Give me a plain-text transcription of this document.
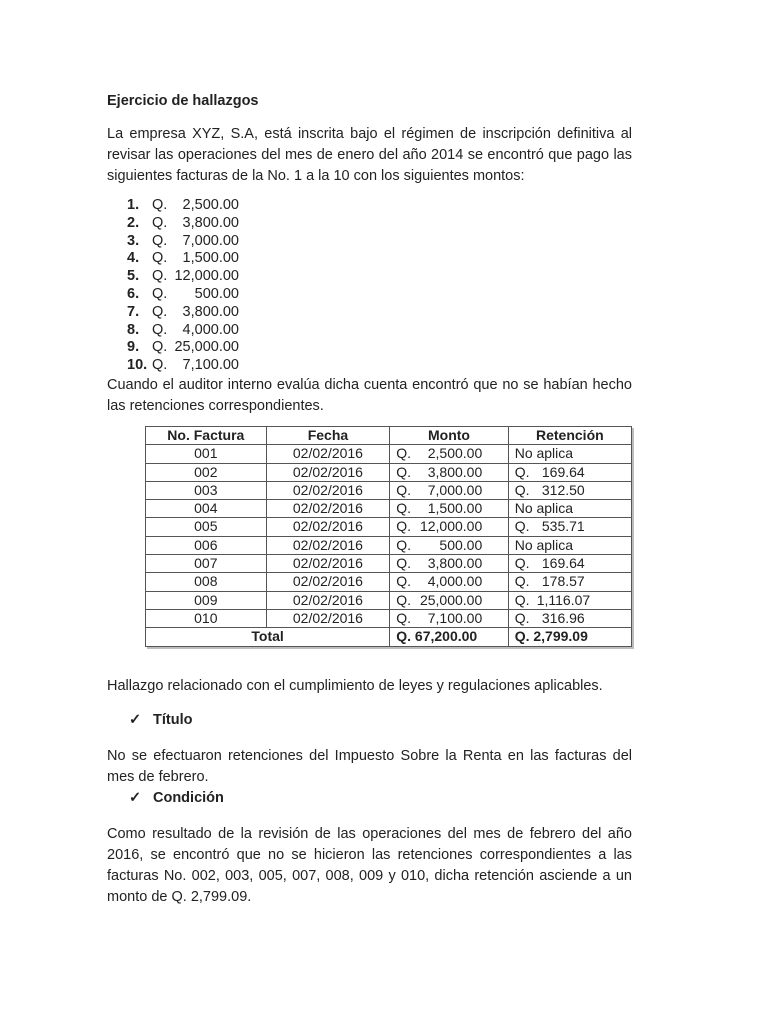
Ejercicio de hallazgos

La empresa XYZ, S.A, está inscrita bajo el régimen de inscripción definitiva al revisar las operaciones del mes de enero del año 2014 se encontró que pago las siguientes facturas de la No. 1 a la 10 con los siguientes montos:

1. Q.	2,500.00
2. Q.	3,800.00
3. Q.	7,000.00
4. Q.	1,500.00
5. Q. 12,000.00
6. Q.	500.00
7. Q.	3,800.00
8. Q.	4,000.00
9. Q. 25,000.00
10. Q.	7,100.00

Cuando el auditor interno evalúa dicha cuenta encontró que no se habían hecho las retenciones correspondientes.

No. Factura	Fecha	Monto	Retención
001	02/02/2016	Q. 2,500.00	No aplica
002	02/02/2016	Q. 3,800.00	Q. 169.64
003	02/02/2016	Q. 7,000.00	Q. 312.50
004	02/02/2016	Q. 1,500.00	No aplica
005	02/02/2016	Q. 12,000.00	Q. 535.71
006	02/02/2016	Q. 500.00	No aplica
007	02/02/2016	Q. 3,800.00	Q. 169.64
008	02/02/2016	Q. 4,000.00	Q. 178.57
009	02/02/2016	Q. 25,000.00	Q. 1,116.07
010	02/02/2016	Q. 7,100.00	Q. 316.96
Total		Q. 67,200.00	Q. 2,799.09

Hallazgo relacionado con el cumplimiento de leyes y regulaciones aplicables.

✓ Título

No se efectuaron retenciones del Impuesto Sobre la Renta en las facturas del mes de febrero.

✓ Condición

Como resultado de la revisión de las operaciones del mes de febrero del año 2016, se encontró que no se hicieron las retenciones correspondientes a las facturas No. 002, 003, 005, 007, 008, 009 y 010, dicha retención asciende a un monto de Q. 2,799.09.
